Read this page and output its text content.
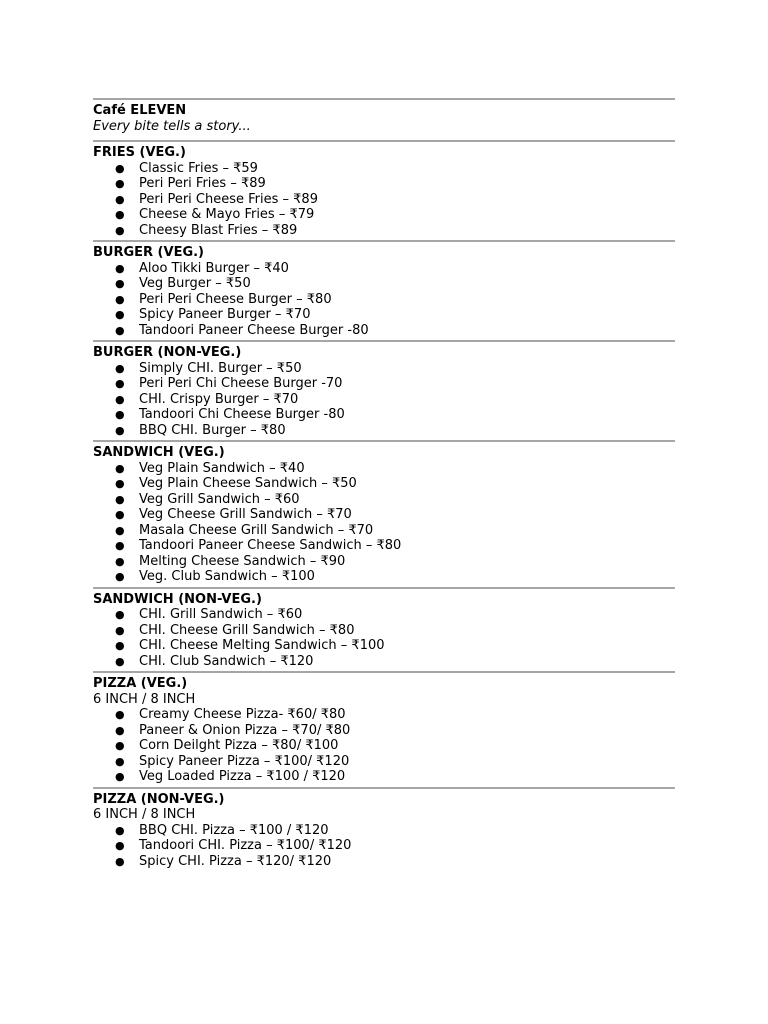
Café ELEVEN
Every bite tells a story...
FRIES (VEG.)
● Classic Fries – ₹59
● Peri Peri Fries – ₹89
● Peri Peri Cheese Fries – ₹89
● Cheese & Mayo Fries – ₹79
● Cheesy Blast Fries – ₹89
BURGER (VEG.)
● Aloo Tikki Burger – ₹40
● Veg Burger – ₹50
● Peri Peri Cheese Burger – ₹80
● Spicy Paneer Burger – ₹70
● Tandoori Paneer Cheese Burger -80
BURGER (NON-VEG.)
● Simply CHI. Burger – ₹50
● Peri Peri Chi Cheese Burger -70
● CHI. Crispy Burger – ₹70
● Tandoori Chi Cheese Burger -80
● BBQ CHI. Burger – ₹80
SANDWICH (VEG.)
● Veg Plain Sandwich – ₹40
● Veg Plain Cheese Sandwich – ₹50
● Veg Grill Sandwich – ₹60
● Veg Cheese Grill Sandwich – ₹70
● Masala Cheese Grill Sandwich – ₹70
● Tandoori Paneer Cheese Sandwich – ₹80
● Melting Cheese Sandwich – ₹90
● Veg. Club Sandwich – ₹100
SANDWICH (NON-VEG.)
● CHI. Grill Sandwich – ₹60
● CHI. Cheese Grill Sandwich – ₹80
● CHI. Cheese Melting Sandwich – ₹100
● CHI. Club Sandwich – ₹120
PIZZA (VEG.)
6 INCH / 8 INCH
● Creamy Cheese Pizza- ₹60/ ₹80
● Paneer & Onion Pizza – ₹70/ ₹80
● Corn Deilght Pizza – ₹80/ ₹100
● Spicy Paneer Pizza – ₹100/ ₹120
● Veg Loaded Pizza – ₹100 / ₹120
PIZZA (NON-VEG.)
6 INCH / 8 INCH
● BBQ CHI. Pizza – ₹100 / ₹120
● Tandoori CHI. Pizza – ₹100/ ₹120
● Spicy CHI. Pizza – ₹120/ ₹120
